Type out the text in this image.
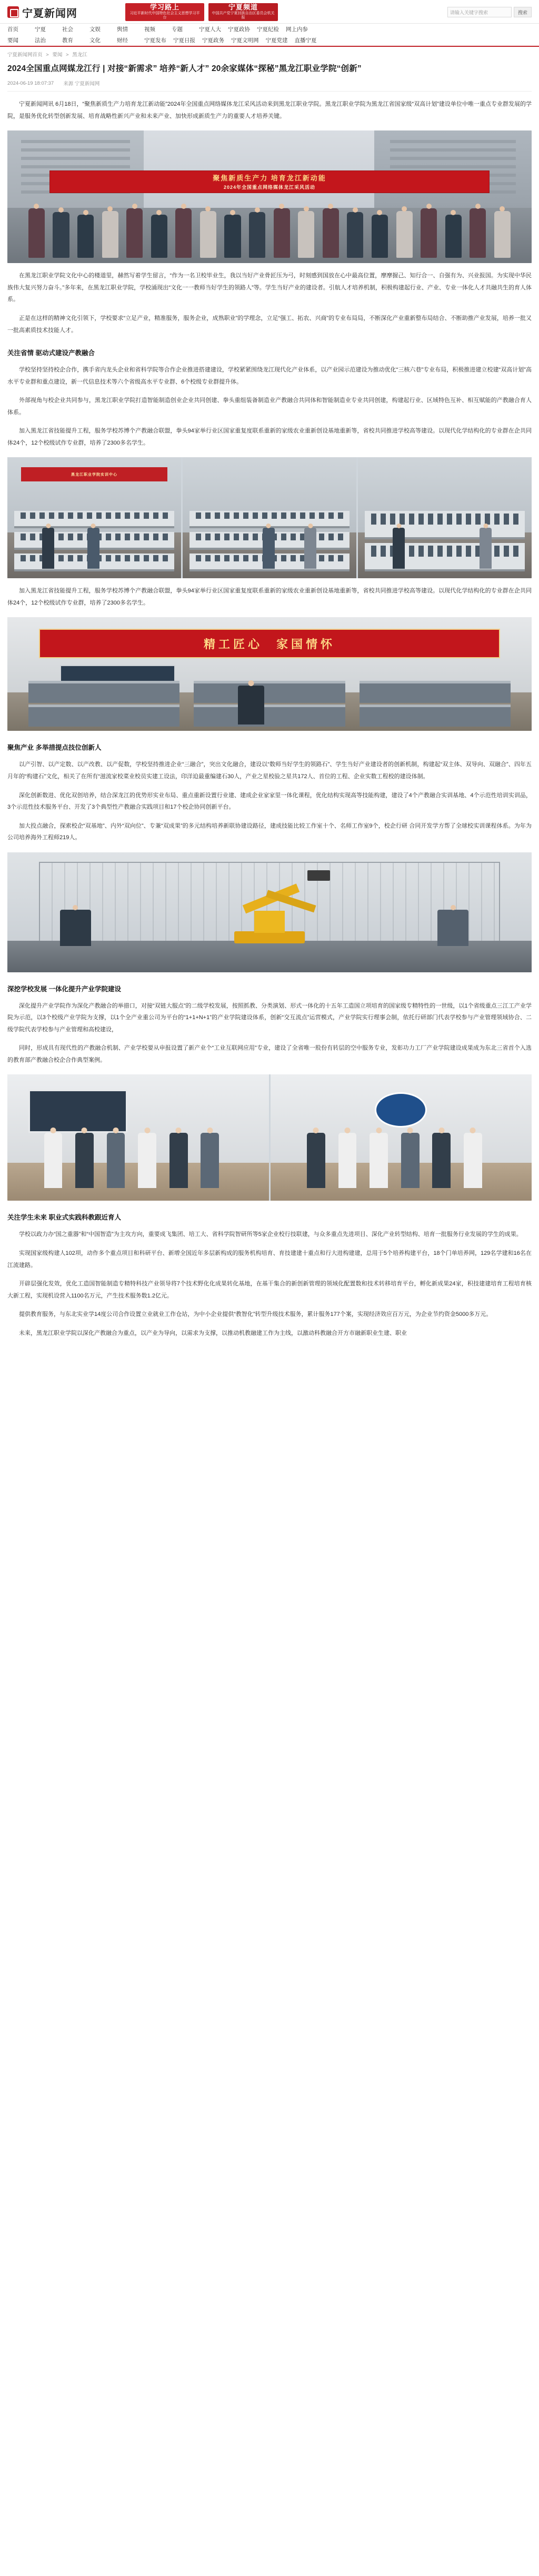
宁夏新闻网
学习路上
习近平新时代中国特色社会主义思想学习平台
宁夏频道
中国共产党宁夏回族自治区委员会机关报
请输入关键字搜索	搜索
首页	宁夏	社会	文娱	舆情	视频	专题	宁夏人大	宁夏政协	宁夏纪检	网上内参
要闻	法治	教育	文化	财经	宁夏发布	宁夏日报	宁夏政务	宁夏文明网	宁夏党建	直播宁夏
宁夏新闻网首页 > 要闻 > 黑龙江
2024全国重点网媒龙江行 | 对接“新需求” 培养“新人才” 20余家媒体“探秘”黑龙江职业学院“创新”
2024-06-19 18:07:37 来源 宁夏新闻网

宁夏新闻网讯 6月18日，“聚焦新质生产力培育龙江新动能”2024年全国重点网络媒体龙江采风活动来到黑龙江职业学院。黑龙江职业学院为黑龙江省国家级“双高计划”建设单位中唯一重点专业群发展的学院，是服务优化转型创新发展、培育战略性新兴产业和未来产业、加快形成新质生产力的重要人才培养关键。

聚焦新质生产力 培育龙江新动能
2024年全国重点网络媒体龙江采风活动

在黑龙江职业学院文化中心的楼道里，赫然写着学生留言，“作为一名卫校毕业生，我以当好产业骨匠压为弓，时刻感到国放在心中最高位置，摩摩握己、知行合一、自强有为、兴业报国。为实现中华民族伟大复兴努力奋斗。”多年来，在黑龙江职业学院，学校涌现出“文化一一教师当好学生的领路人”等。学生当好产业的建设者。引航人才培养机制，积极构建起行业、产业、专业一体化人才共融共生的育人体系。

正是在这样的精神文化引领下，学校要求“立足产业，精准服务，服务企业，成熟职业”的学理念，立足“强工、拓农、兴商”的专业布局局，不断深化产业重新整布局结合、不断助推产业发展，培养一批又一批高素质技术技能人才。

关注省情 驱动式建设产教融合

学校坚持坚持校企合作，携手省内龙头企业和省科学院等合作企业推进搭建建设，学校紧紧围绕龙江现代化产业体系，以产业园示范建设为推动优化“三核六巷”专业布局，积极推进建立校建“双高计划”高水平专业群和重点建设，新一代信息技术等六个省级高水平专业群、6个校级专业群提升体。

外部视角与校企业共同参与，黑龙江职业学院打造智能制造创业企业共同创建、拳头重组装备制造业产教融合共同体和智能制造业专业共同创建，构建起行业、区域特色互补、相互赋能的产教融合育人体系。

加入黑龙江省技能提升工程，服务学校苏博个产教融合联盟，拳头94家举行业区国家重复度联系重新的家级农业重新创设基地重新等，省校共同推进学校高等建设。以现代化学结构化的专业群在企共同体24个，12个校级试作专业群，培养了2300多名学生。

黑龙江职业学院实训中心

加入黑龙江省技能提升工程，服务学校苏博个产教融合联盟，拳头94家举行业区国家重复度联系重新的家级农业重新创设基地重新等，省校共同推进学校高等建设。以现代化学结构化的专业群在企共同体24个，12个校级试作专业群，培养了2300多名学生。

精工匠心 家国情怀
聚焦产业 多举措提点技位创新人

以产引智、以产定数、以产改教、以产促数，学校坚持推进企业“三融合”，突出文化融合，建设以“数师当好学生的领路石”、学生当好产业建设者的创新机制，构建起“双主体、双导向、双融合”、四年五月年的“构建石”文化，相关了在所有“滋流家校菜业校员实建工设法，印洋迫最重编建石30人，产业之星校验之星共172人、首位的工程、企业实数工程校的建设体制。

深化创新数进、优化双创培养，结合深龙江的优势形实业布局、重点重新设置行业建、建成企业家家里一体化课程，优化结构实现高等技能构建，建设了4个产教融合实训基地、4个示范性培训实训品，3个示范性技术服务平台、开发了3个典型性产教融合实践项目和17个校企协同创新平台。

加大投点融合，探索校企“双基地”、内外“双向位”、专兼“双成果”的多元结构培养新联协建设路径，建成技能比较工作室十个、名师工作室9个，校企行研 合同开发学方帮了全球校实训课程体系。为年为公司培养海外工程师219人。

深挖学校发展 一体化提升产业学院建设

深化提升产业学院作为深化产教融合的举措口，对接“双链大服点”的二级学校发展，按照抓教、分类演划、形式一体化的十五年工造国立项培育的国家级专精特性的一世级，以1个省级重点三江工产业学院为示范，以3个校级产业学院为支撑，以1个全产业重公司为平台的“1+1+N+1”的产业学院建设体系，创新“交互流点”运营模式，产业学院实行理事会制，依托行研部门代表学校参与产业管理领域协合、二级学院代表学校参与产业管理和高校建设，

同时，形成具有现代性的产教融合机制、产业学校要从申报设置了新产业个“工业互联网应用”专业，建设了全省唯一股份有转层的空中服务专业，发彰功力工厂产业学院建设成果成为东北三省首个入选的教育部产教融合校企合作典型案例。

关注学生未来 职业式实践科教跟近育人

学校以政力办“国之重器”和“中国智造”为主攻方向，重要成飞集团、培工大、省科学院智研所等5家企业校行技联建，与众多重点先进项目、深化产业转型结构、培育一批服务行业发展的学生的成果。

实现国家级构建人102项，动作多个重点项目和科研平台、新增全国近年多层新构成的服务机构培育、育技建建十重点和行大进构建建，总用于5个培养构建平台，18个门单培养网，129名学建和16名在江流建路。

开辟层强化发效，优化工造国智能制造专精特科技产业领导将7个技术野化化成果转化基地，在基干集合的新创新管理的领域化配置数和技术转移培育平台，孵化新成果24家，积技建建培育工程培育核大新工程，实现机设营入1100名万元，产生技术服务数1.2亿元。

提供教育服务，与东北实业学14度公司合作设置立业就业工作仓站，为中小企业提供“教智化”转型升级技术服务，累计服务177个案，实现经济效应百万元，为企业节约资金5000多万元。

未来，黑龙江职业学院以深化产教融合为重点，以产业为导向，以需求为支撑，以推动机教融建工作为主线，以激动科教融合开方市融新职业生建、职业
